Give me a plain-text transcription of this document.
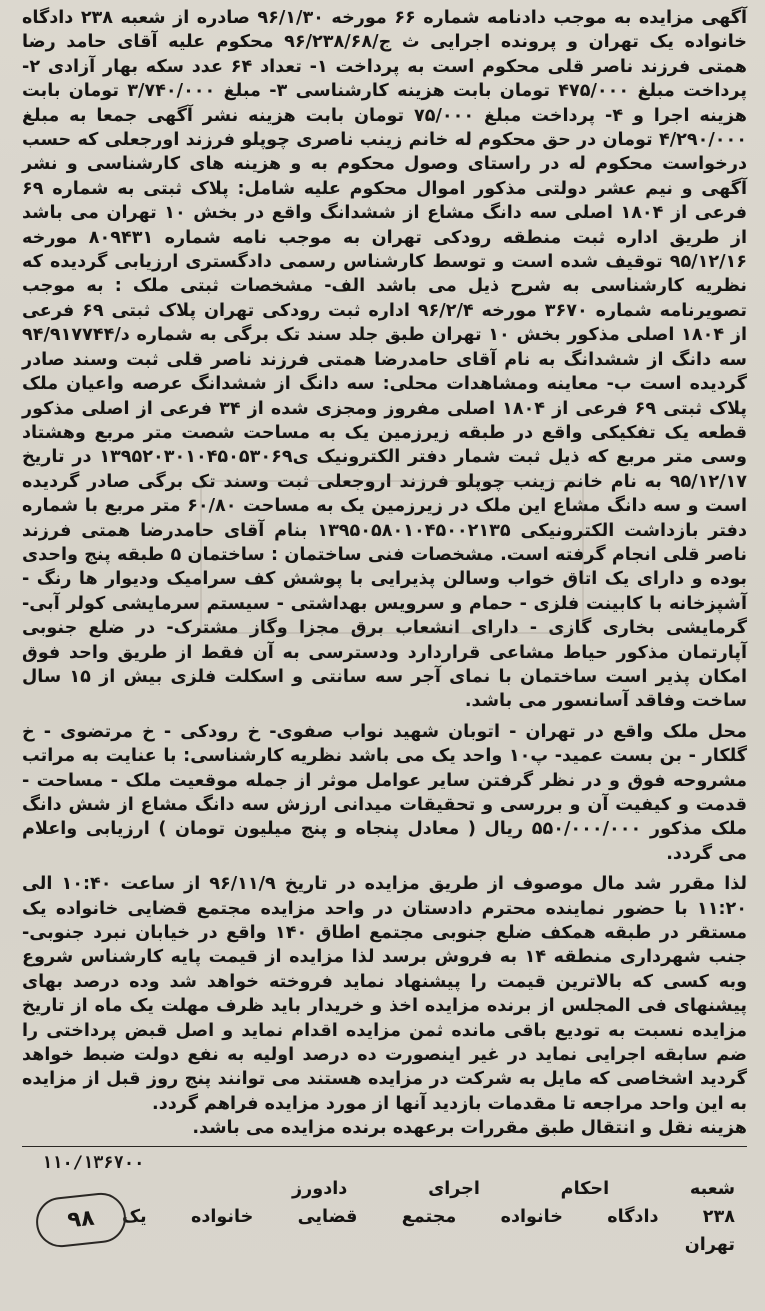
آگهی مزایده به موجب دادنامه شماره ۶۶ مورخه ۹۶/۱/۳۰ صادره از شعبه ۲۳۸ دادگاه خانواده یک تهران و پرونده اجرایی ث ج/۹۶/۲۳۸/۶۸ محکوم علیه آقای حامد رضا همتی فرزند ناصر قلی محکوم است به پرداخت ۱- تعداد ۶۴ عدد سکه بهار آزادی ۲- پرداخت مبلغ ۴۷۵/۰۰۰ تومان بابت هزینه کارشناسی ۳- مبلغ ۳/۷۴۰/۰۰۰ تومان بابت هزینه اجرا و ۴- پرداخت مبلغ ۷۵/۰۰۰ تومان بابت هزینه نشر آگهی جمعا به مبلغ ۴/۲۹۰/۰۰۰ تومان در حق محکوم له خانم زینب ناصری چوپلو فرزند اورجعلی که حسب درخواست محکوم له در راستای وصول محکوم به و هزینه های کارشناسی و نشر آگهی و نیم عشر دولتی مذکور اموال محکوم علیه شامل: پلاک ثبتی به شماره ۶۹ فرعی از ۱۸۰۴ اصلی سه دانگ مشاع از ششدانگ واقع در بخش ۱۰ تهران می باشد از طریق اداره ثبت منطقه رودکی تهران به موجب نامه شماره ۸۰۹۴۳۱ مورخه ۹۵/۱۲/۱۶ توقیف شده است و توسط کارشناس رسمی دادگستری ارزیابی گردیده که نظریه کارشناسی به شرح ذیل می باشد الف- مشخصات ثبتی ملک : به موجب تصویرنامه شماره ۳۶۷۰ مورخه ۹۶/۲/۴ اداره ثبت رودکی تهران پلاک ثبتی ۶۹ فرعی از ۱۸۰۴ اصلی مذکور بخش ۱۰ تهران طبق جلد سند تک برگی به شماره د/۹۴/۹۱۷۷۴۴ سه دانگ از ششدانگ به نام آقای حامدرضا همتی فرزند ناصر قلی ثبت وسند صادر گردیده است ب- معاینه ومشاهدات محلی: سه دانگ از ششدانگ عرصه واعیان ملک پلاک ثبتی ۶۹ فرعی از ۱۸۰۴ اصلی مفروز ومجزی شده از ۳۴ فرعی از اصلی مذکور قطعه یک تفکیکی واقع در طبقه زیرزمین یک به مساحت شصت متر مربع وهشتاد وسی متر مربع که ذیل ثبت شمار دفتر الکترونیک ی۱۳۹۵۲۰۳۰۱۰۴۵۰۵۳۰۶۹ در تاریخ ۹۵/۱۲/۱۷ به نام خانم زینب چوپلو فرزند اروجعلی ثبت وسند تک برگی صادر گردیده است و سه دانگ مشاع این ملک در زیرزمین یک به مساحت ۶۰/۸۰ متر مربع با شماره دفتر بازداشت الکترونیکی ۱۳۹۵۰۵۸۰۱۰۴۵۰۰۲۱۳۵ بنام آقای حامدرضا همتی فرزند ناصر قلی انجام گرفته است. مشخصات فنی ساختمان : ساختمان ۵ طبقه پنج واحدی بوده و دارای یک اتاق خواب وسالن پذیرایی با پوشش کف سرامیک ودیوار ها رنگ - آشپزخانه با کابینت فلزی - حمام و سرویس بهداشتی - سیستم سرمایشی کولر آبی- گرمایشی بخاری گازی - دارای انشعاب برق مجزا وگاز مشترک- در ضلع جنوبی آپارتمان مذکور حیاط مشاعی قراردارد ودسترسی به آن فقط از طریق واحد فوق امکان پذیر است ساختمان با نمای آجر سه سانتی و اسکلت فلزی بیش از ۱۵ سال ساخت وفاقد آسانسور می باشد.

محل ملک واقع در تهران - اتوبان شهید نواب صفوی- خ رودکی - خ مرتضوی - خ گلکار - بن بست عمید- پ۱۰ واحد یک می باشد نظریه کارشناسی: با عنایت به مراتب مشروحه فوق و در نظر گرفتن سایر عوامل موثر از جمله موقعیت ملک - مساحت - قدمت و کیفیت آن و بررسی و تحقیقات میدانی ارزش سه دانگ مشاع از شش دانگ ملک مذکور ۵۵۰/۰۰۰/۰۰۰ ریال ( معادل پنجاه و پنج میلیون تومان ) ارزیابی واعلام می گردد.

لذا مقرر شد مال موصوف از طریق مزایده در تاریخ ۹۶/۱۱/۹ از ساعت ۱۰:۴۰ الی ۱۱:۲۰ با حضور نماینده محترم دادستان در واحد مزایده مجتمع قضایی خانواده یک مستقر در طبقه همکف ضلع جنوبی مجتمع اطاق ۱۴۰ واقع در خیابان نبرد جنوبی- جنب شهرداری منطقه ۱۴ به فروش برسد لذا مزایده از قیمت پایه کارشناس شروع وبه کسی که بالاترین قیمت را پیشنهاد نماید فروخته خواهد شد وده درصد بهای پیشنهای فی المجلس از برنده مزایده اخذ و خریدار باید ظرف مهلت یک ماه از تاریخ مزایده نسبت به تودیع باقی مانده ثمن مزایده اقدام نماید و اصل قبض پرداختی را ضم سابقه اجرایی نماید در غیر اینصورت ده درصد اولیه به نفع دولت ضبط خواهد گردید اشخاصی که مایل به شرکت در مزایده هستند می توانند پنج روز قبل از مزایده به این واحد مراجعه تا مقدمات بازدید آنها از مورد مزایده فراهم گردد.

هزینه نقل و انتقال طبق مقررات برعهده برنده مزایده می باشد.

۱۱۰/۱۳۶۷۰۰
شعبه
احکام
اجرای
دادورز
۲۳۸
دادگاه
خانواده
مجتمع
قضایی
خانواده
یک
تهران
۹۸
